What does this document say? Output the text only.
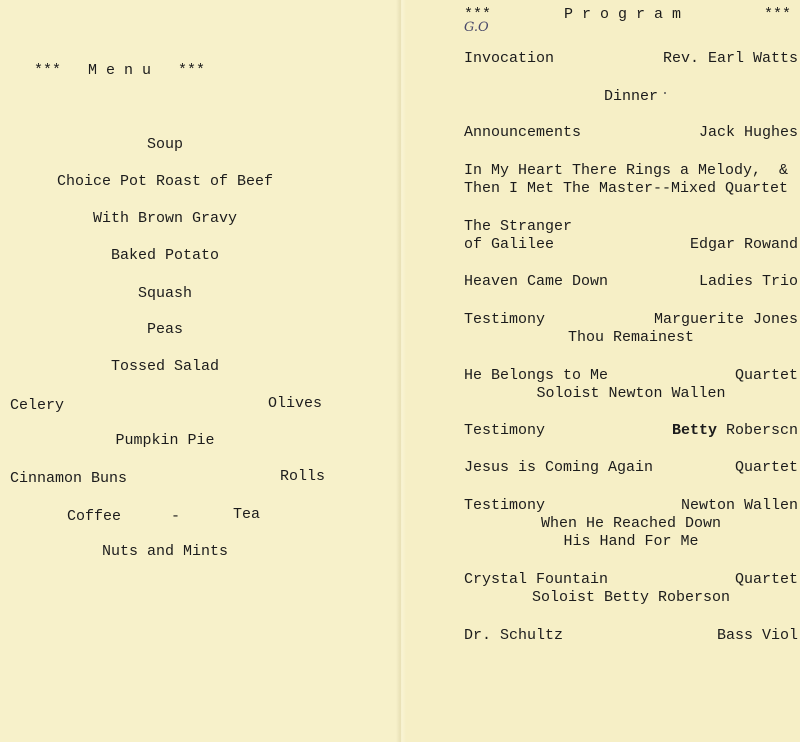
***   M e n u   ***
Soup
Choice Pot Roast of Beef
With Brown Gravy
Baked Potato
Squash
Peas
Tossed Salad
Celery	Olives
Pumpkin Pie
Cinnamon Buns	Rolls
Coffee	-	Tea
Nuts and Mints
***	P r o g r a m	***
G.O
Invocation	Rev. Earl Watts
Dinner
Announcements	Jack Hughes
In My Heart There Rings a Melody,  &
Then I Met The Master--Mixed Quartet
The Stranger
of Galilee	Edgar Rowand
Heaven Came Down	Ladies Trio
Testimony	Marguerite Jones
Thou Remainest
He Belongs to Me	Quartet
Soloist Newton Wallen
Testimony	Betty Roberscn
Jesus is Coming Again	Quartet
Testimony	Newton Wallen
When He Reached Down
His Hand For Me
Crystal Fountain	Quartet
Soloist Betty Roberson
Dr. Schultz	Bass Viol
